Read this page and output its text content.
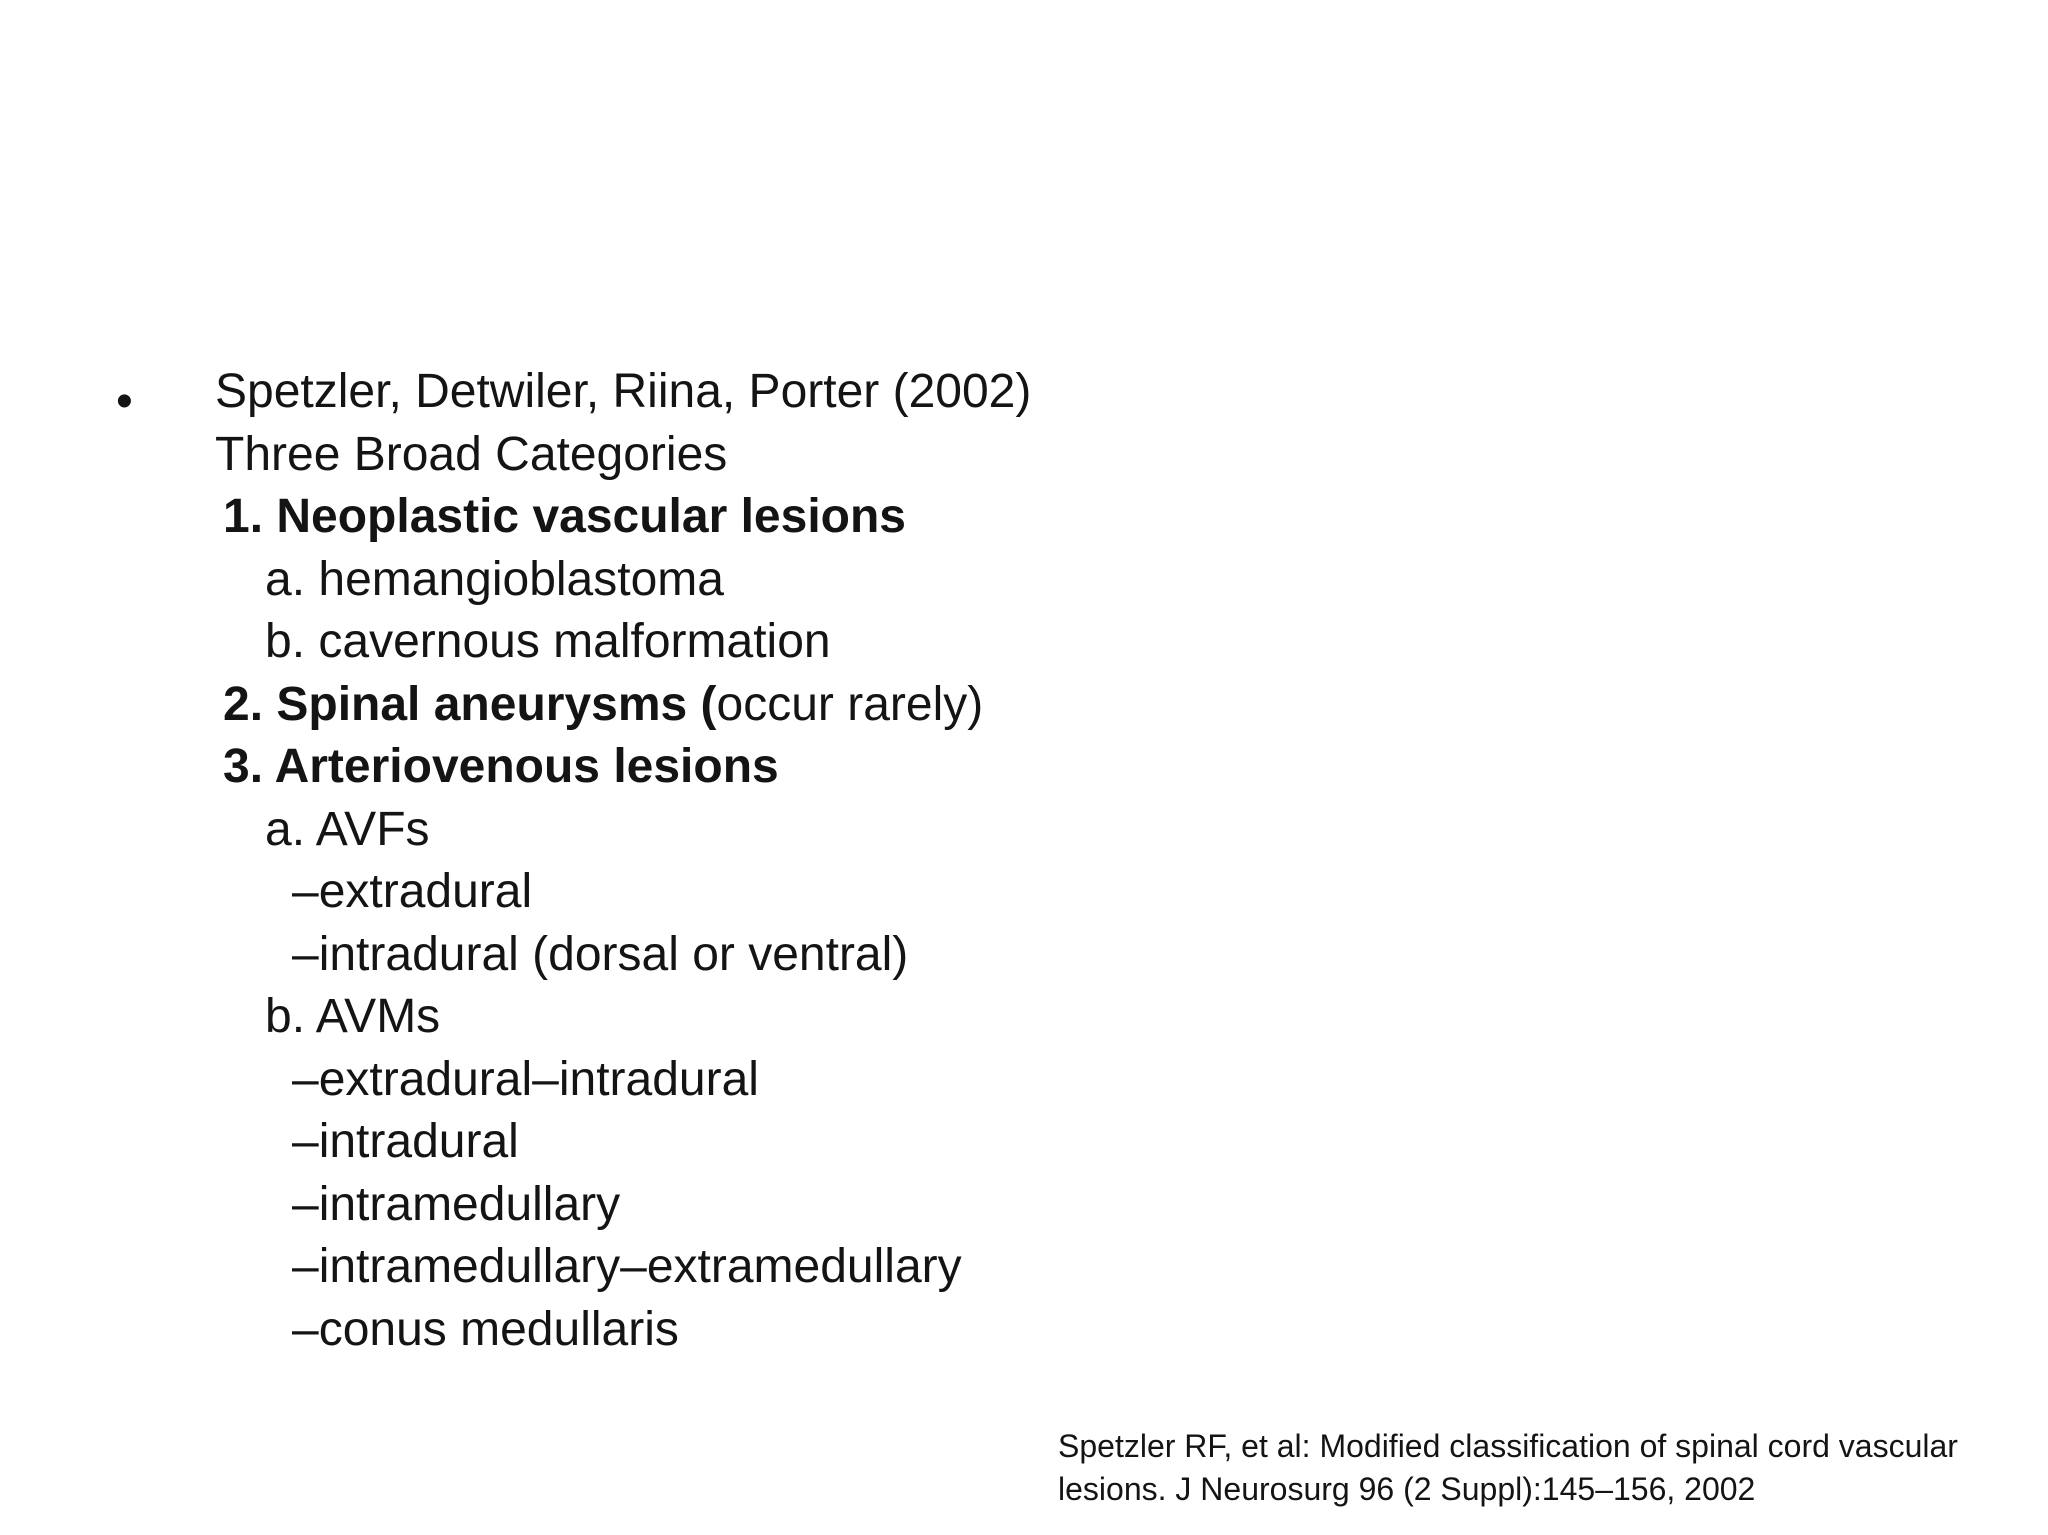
• Spetzler, Detwiler, Riina, Porter (2002)
Three Broad Categories
1. Neoplastic vascular lesions
a. hemangioblastoma
b. cavernous malformation
2. Spinal aneurysms (occur rarely)
3. Arteriovenous lesions
a. AVFs
–extradural
–intradural (dorsal or ventral)
b. AVMs
–extradural–intradural
–intradural
–intramedullary
–intramedullary–extramedullary
–conus medullaris
Spetzler RF, et al: Modified classification of spinal cord vascular
lesions. J Neurosurg 96 (2 Suppl):145–156, 2002
